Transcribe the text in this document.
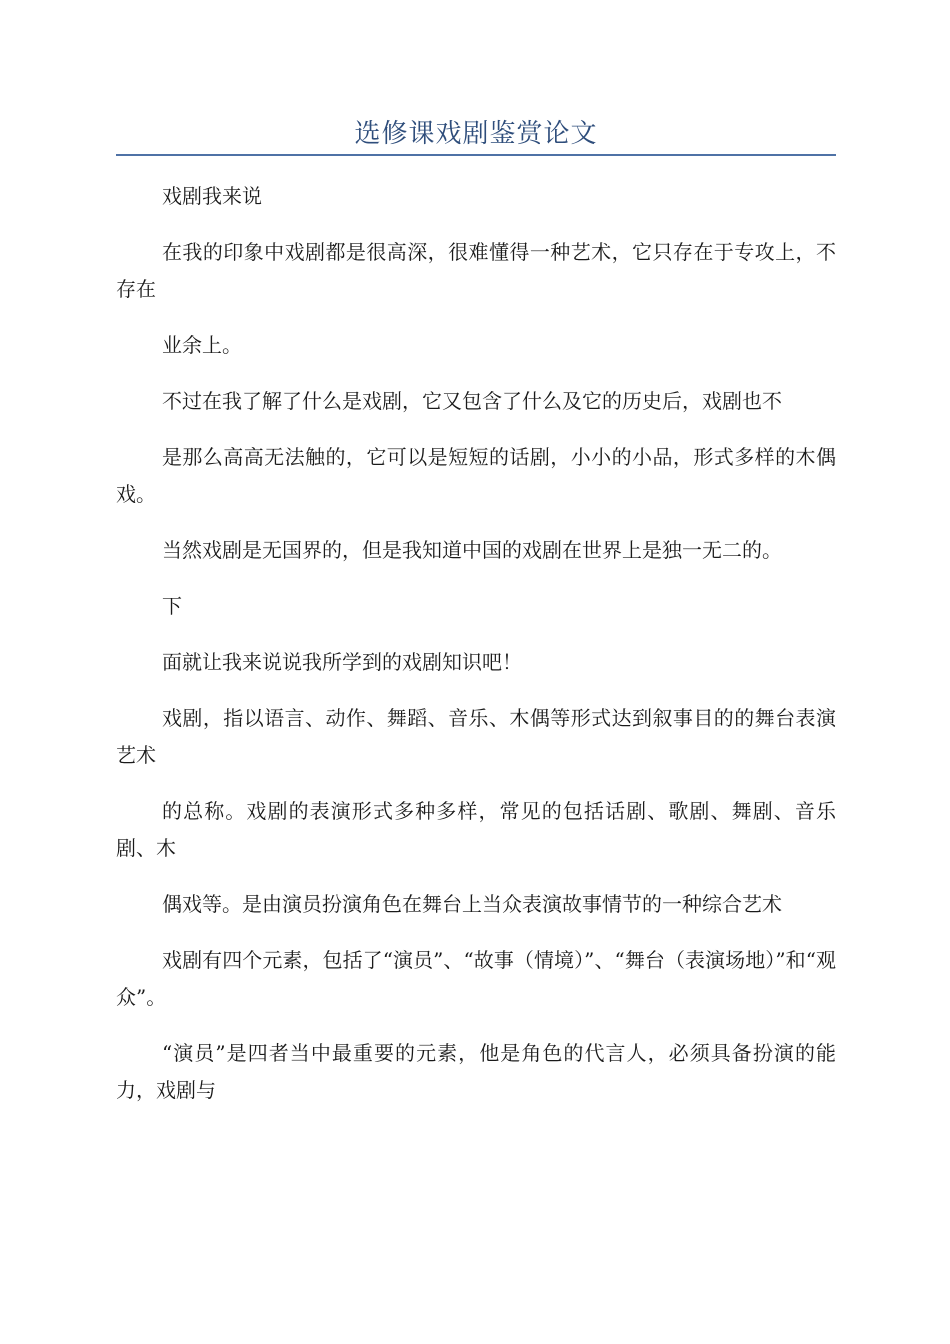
选修课戏剧鉴赏论文

戏剧我来说

在我的印象中戏剧都是很高深，很难懂得一种艺术，它只存在于专攻上，不存在

业余上。

不过在我了解了什么是戏剧，它又包含了什么及它的历史后，戏剧也不

是那么高高无法触的，它可以是短短的话剧，小小的小品，形式多样的木偶戏。

当然戏剧是无国界的，但是我知道中国的戏剧在世界上是独一无二的。

下

面就让我来说说我所学到的戏剧知识吧！

戏剧，指以语言、动作、舞蹈、音乐、木偶等形式达到叙事目的的舞台表演艺术

的总称。戏剧的表演形式多种多样，常见的包括话剧、歌剧、舞剧、音乐剧、木

偶戏等。是由演员扮演角色在舞台上当众表演故事情节的一种综合艺术

戏剧有四个元素，包括了“演员”、“故事（情境）”、“舞台（表演场地）”和“观众”。

“演员”是四者当中最重要的元素，他是角色的代言人，必须具备扮演的能力，戏剧与
